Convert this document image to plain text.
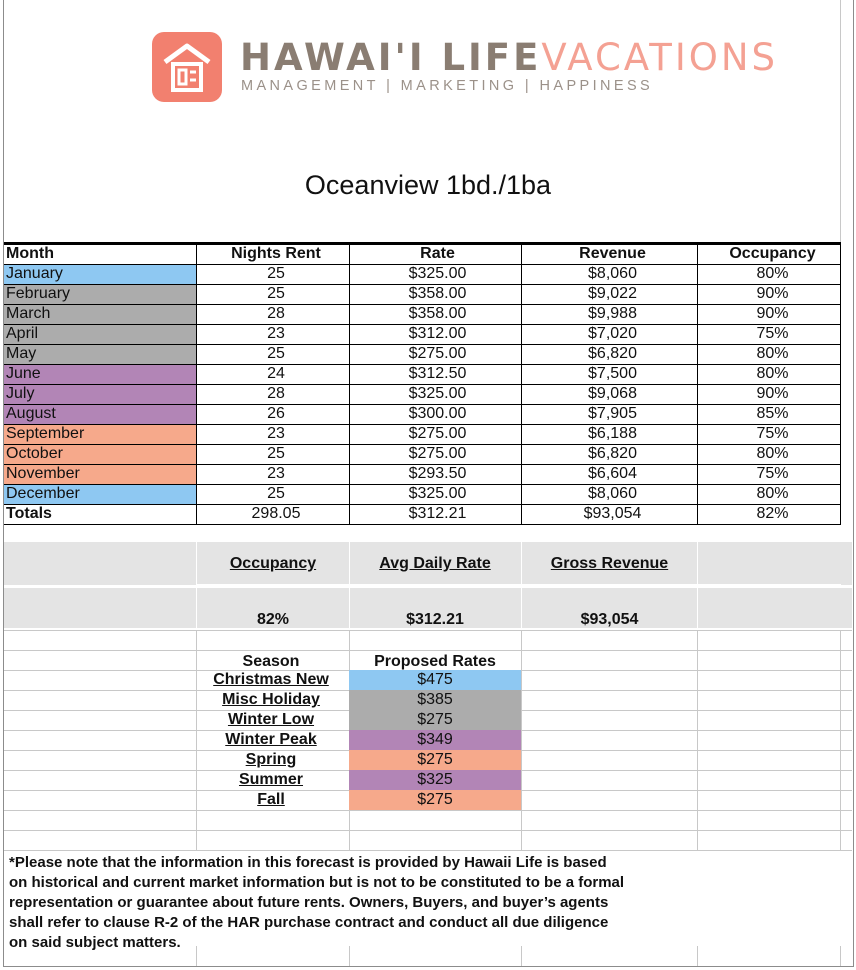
HAWAI'I LIFEVACATIONS
MANAGEMENT | MARKETING | HAPPINESS
Oceanview 1bd./1ba
Month	Nights Rent	Rate	Revenue	Occupancy
January	25	$325.00	$8,060	80%
February	25	$358.00	$9,022	90%
March	28	$358.00	$9,988	90%
April	23	$312.00	$7,020	75%
May	25	$275.00	$6,820	80%
June	24	$312.50	$7,500	80%
July	28	$325.00	$9,068	90%
August	26	$300.00	$7,905	85%
September	23	$275.00	$6,188	75%
October	25	$275.00	$6,820	80%
November	23	$293.50	$6,604	75%
December	25	$325.00	$8,060	80%
Totals	298.05	$312.21	$93,054	82%
Occupancy	Avg Daily Rate	Gross Revenue
82%	$312.21	$93,054
Season	Proposed Rates
Christmas New	$475
Misc Holiday	$385
Winter Low	$275
Winter Peak	$349
Spring	$275
Summer	$325
Fall	$275
*Please note that the information in this forecast is provided by Hawaii Life is based on historical and current market information but is not to be constituted to be a formal representation or guarantee about future rents. Owners, Buyers, and buyer’s agents shall refer to clause R-2 of the HAR purchase contract and conduct all due diligence on said subject matters.
